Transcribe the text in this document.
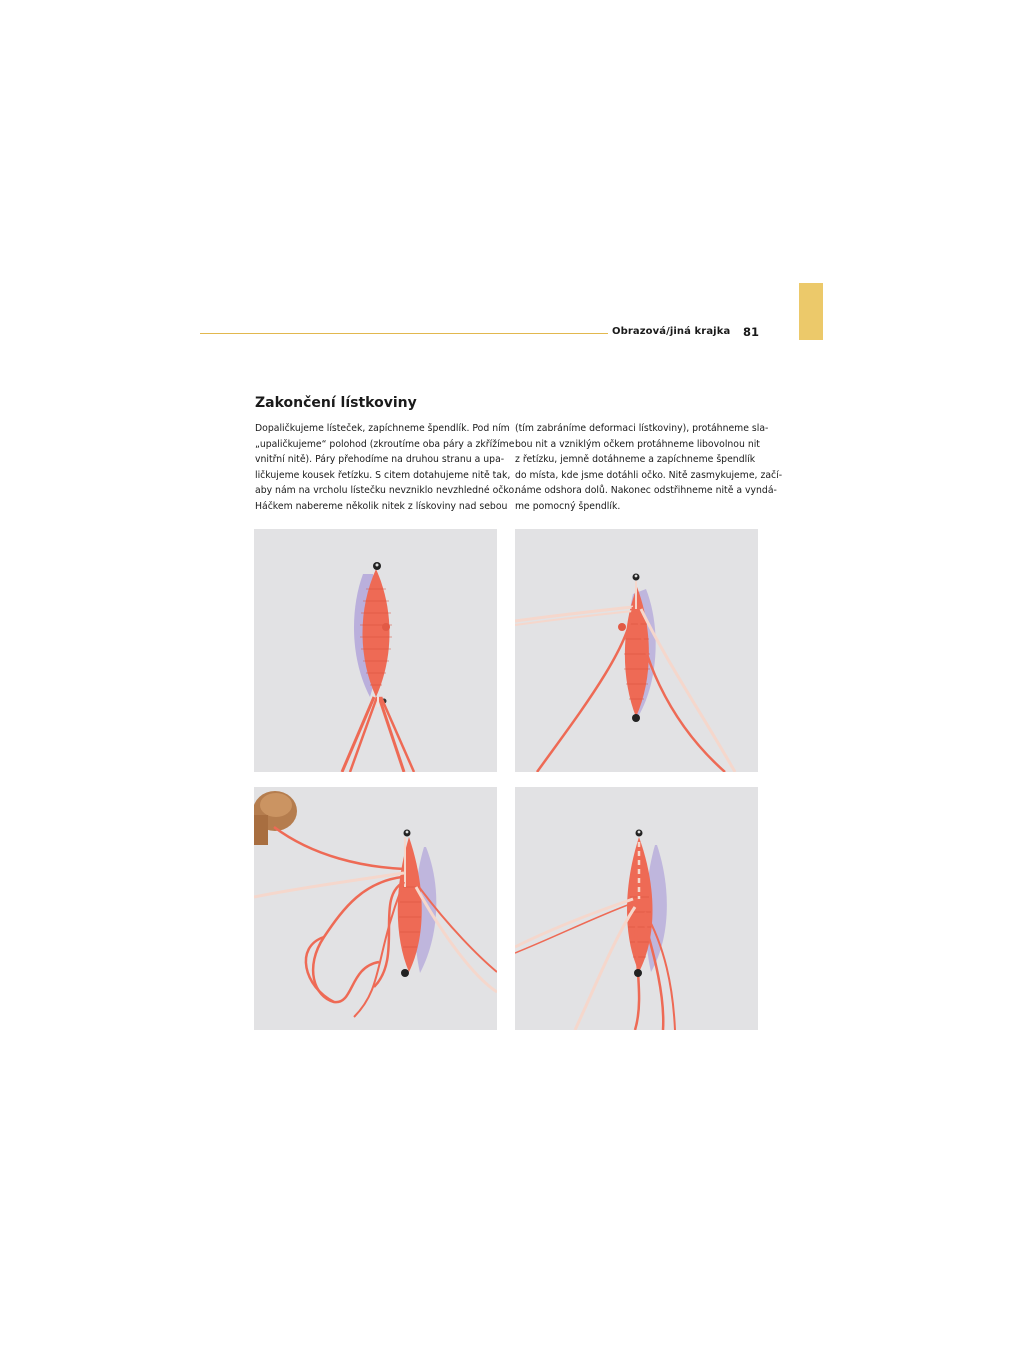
Obrazová/jiná krajka 81
Zakončení lístkoviny
Dopaličkujeme lísteček, zapíchneme špendlík. Pod ním
„upaličkujeme“ polohod (zkroutíme oba páry a zkřížíme
vnitřní nitě). Páry přehodíme na druhou stranu a upa-
ličkujeme kousek řetízku. S citem dotahujeme nitě tak,
aby nám na vrcholu lístečku nevzniklo nevzhledné očko.
Háčkem nabereme několik nitek z lískoviny nad sebou
(tím zabráníme deformaci lístkoviny), protáhneme sla-
bou nit a vzniklým očkem protáhneme libovolnou nit
z řetízku, jemně dotáhneme a zapíchneme špendlík
do místa, kde jsme dotáhli očko. Nitě zasmykujeme, začí-
náme odshora dolů. Nakonec odstřihneme nitě a vyndá-
me pomocný špendlík.
